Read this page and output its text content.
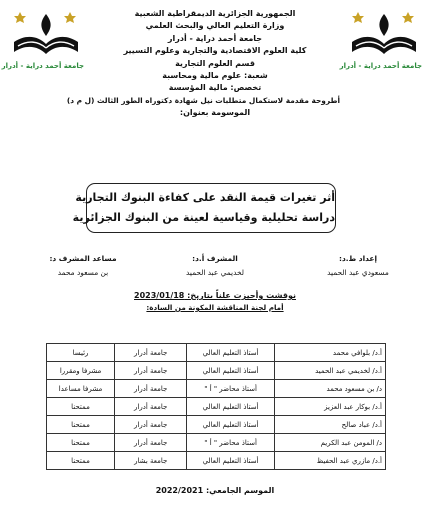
جامعة أحمد دراية - أدرار	جامعة أحمد دراية - أدرار
الجمهورية الجزائرية الديمقراطية الشعبية
وزارة التعليم العالي والبحث العلمي
جامعة أحمد دراية - أدرار
كلية العلوم الاقتصادية والتجارية وعلوم التسيير
قسم العلوم التجارية
شعبة: علوم مالية ومحاسبة
تخصص: مالية المؤسسة
أطروحة مقدمة لاستكمال متطلبات نيل شهادة دكتوراه الطور الثالث (ل م د)
الموسومة بعنوان:
أثر تغيرات قيمة النقد على كفاءة البنوك التجارية
دراسة تحليلية وقياسية لعينة من البنوك الجزائرية
إعداد ط.د:
مسعودي عبد الحميد
المشرف أ.د:
لخديمي عبد الحميد
مساعد المشرف د:
بن مسعود محمد
نوقشت وأجيزت علناً بتاريخ: 2023/01/18
أمام لجنة المناقشة المكونة من السادة:
أ.د/ بلوافي محمد	أستاذ التعليم العالي	جامعة أدرار	رئيسا
أ.د/ لخديمي عبد الحميد	أستاذ التعليم العالي	جامعة أدرار	مشرفا ومقررا
د/ بن مسعود محمد	أستاذ محاضر " أ "	جامعة أدرار	مشرفا مساعدا
أ.د/ بوكار عبد العزيز	أستاذ التعليم العالي	جامعة أدرار	ممتحنا
أ.د/ عباد صالح	أستاذ التعليم العالي	جامعة أدرار	ممتحنا
د/ المومن عبد الكريم	أستاذ محاضر " أ "	جامعة أدرار	ممتحنا
أ.د/ مازري عبد الحفيظ	أستاذ التعليم العالي	جامعة بشار	ممتحنا
الموسم الجامعي: 2022/2021
